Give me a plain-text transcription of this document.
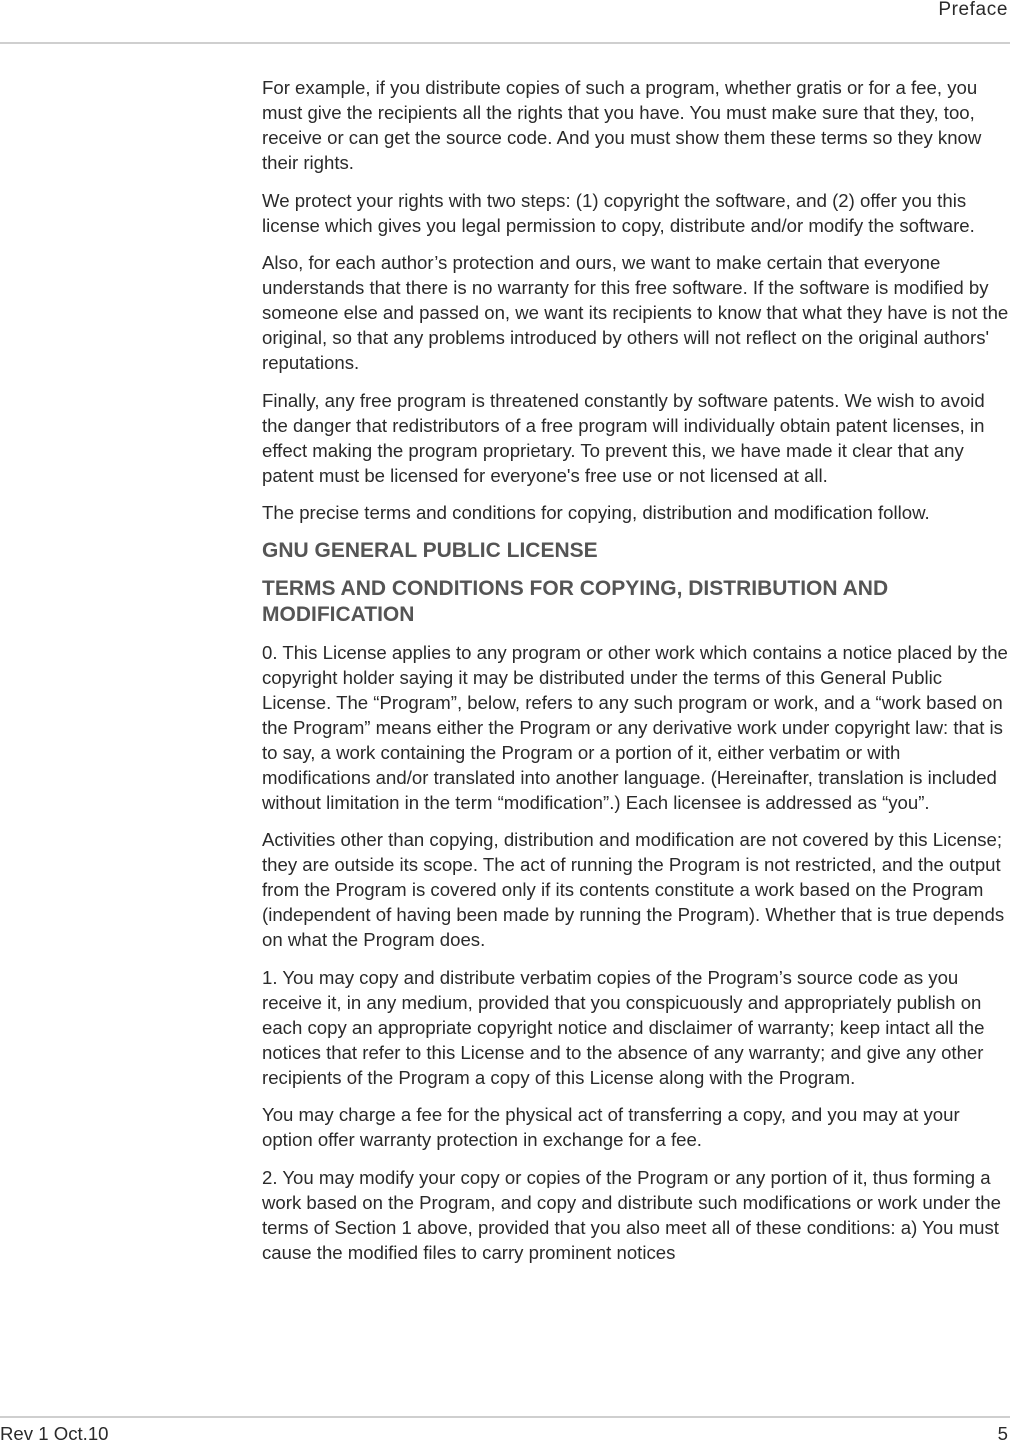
Preface

For example, if you distribute copies of such a program, whether gratis or for a fee, you must give the recipients all the rights that you have. You must make sure that they, too, receive or can get the source code. And you must show them these terms so they know their rights.

We protect your rights with two steps: (1) copyright the software, and (2) offer you this license which gives you legal permission to copy, distribute and/or modify the software.

Also, for each author’s protection and ours, we want to make certain that everyone understands that there is no warranty for this free software. If the software is modified by someone else and passed on, we want its recipients to know that what they have is not the original, so that any problems introduced by others will not reflect on the original authors' reputations.

Finally, any free program is threatened constantly by software patents. We wish to avoid the danger that redistributors of a free program will individually obtain patent licenses, in effect making the program proprietary. To prevent this, we have made it clear that any patent must be licensed for everyone's free use or not licensed at all.

The precise terms and conditions for copying, distribution and modification follow.

GNU GENERAL PUBLIC LICENSE
TERMS AND CONDITIONS FOR COPYING, DISTRIBUTION AND MODIFICATION

0. This License applies to any program or other work which contains a notice placed by the copyright holder saying it may be distributed under the terms of this General Public License. The “Program”, below, refers to any such program or work, and a “work based on the Program” means either the Program or any derivative work under copyright law: that is to say, a work containing the Program or a portion of it, either verbatim or with modifications and/or translated into another language. (Hereinafter, translation is included without limitation in the term “modification”.) Each licensee is addressed as “you”.

Activities other than copying, distribution and modification are not covered by this License; they are outside its scope. The act of running the Program is not restricted, and the output from the Program is covered only if its contents constitute a work based on the Program (independent of having been made by running the Program). Whether that is true depends on what the Program does.

1. You may copy and distribute verbatim copies of the Program’s source code as you receive it, in any medium, provided that you conspicuously and appropriately publish on each copy an appropriate copyright notice and disclaimer of warranty; keep intact all the notices that refer to this License and to the absence of any warranty; and give any other recipients of the Program a copy of this License along with the Program.

You may charge a fee for the physical act of transferring a copy, and you may at your option offer warranty protection in exchange for a fee.

2. You may modify your copy or copies of the Program or any portion of it, thus forming a work based on the Program, and copy and distribute such modifications or work under the terms of Section 1 above, provided that you also meet all of these conditions: a) You must cause the modified files to carry prominent notices

Rev 1 Oct.10	5
